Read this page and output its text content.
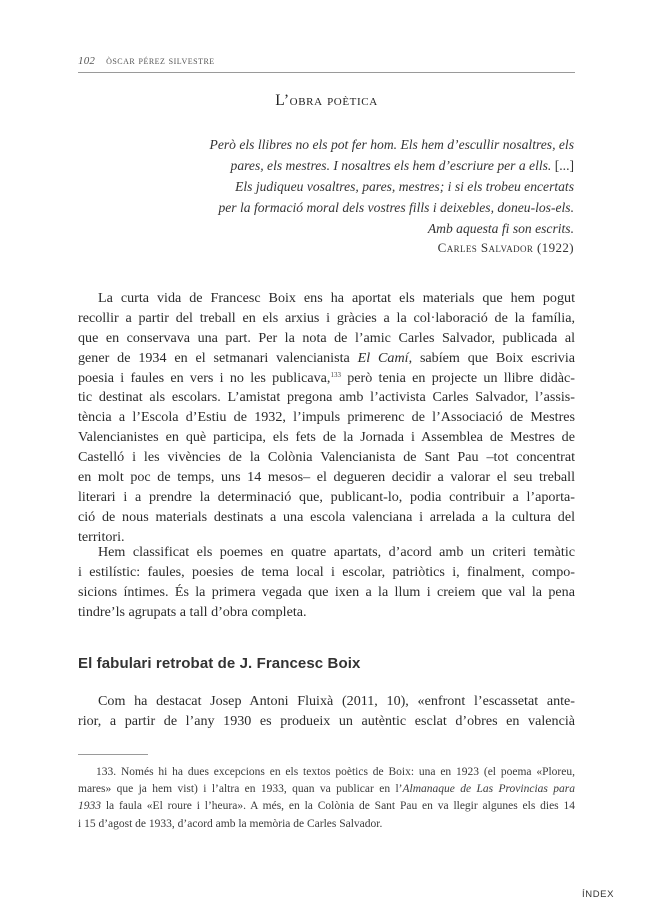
102 òscar pérez silvestre
L’obra poètica
Però els llibres no els pot fer hom. Els hem d’escullir nosaltres, els
pares, els mestres. I nosaltres els hem d’escriure per a ells. [...]
Els judiqueu vosaltres, pares, mestres; i si els trobeu encertats
per la formació moral dels vostres fills i deixebles, doneu-los-els.
Amb aquesta fi son escrits.
Carles Salvador (1922)
La curta vida de Francesc Boix ens ha aportat els materials que hem pogut
recollir a partir del treball en els arxius i gràcies a la col·laboració de la família,
que en conservava una part. Per la nota de l’amic Carles Salvador, publicada al
gener de 1934 en el setmanari valencianista El Camí, sabíem que Boix escrivia
poesia i faules en vers i no les publicava,$^{133}$ però tenia en projecte un llibre didàc-
tic destinat als escolars. L’amistat pregona amb l’activista Carles Salvador, l’assis-
tència a l’Escola d’Estiu de 1932, l’impuls primerenc de l’Associació de Mestres
Valencianistes en què participa, els fets de la Jornada i Assemblea de Mestres de
Castelló i les vivències de la Colònia Valencianista de Sant Pau –tot concentrat
en molt poc de temps, uns 14 mesos– el degueren decidir a valorar el seu treball
literari i a prendre la determinació que, publicant-lo, podia contribuir a l’aporta-
ció de nous materials destinats a una escola valenciana i arrelada a la cultura del
territori.
Hem classificat els poemes en quatre apartats, d’acord amb un criteri temàtic
i estilístic: faules, poesies de tema local i escolar, patriòtics i, finalment, compo-
sicions íntimes. És la primera vegada que ixen a la llum i creiem que val la pena
tindre’ls agrupats a tall d’obra completa.
El fabulari retrobat de J. Francesc Boix
Com ha destacat Josep Antoni Fluixà (2011, 10), «enfront l’escassetat ante-
rior, a partir de l’any 1930 es produeix un autèntic esclat d’obres en valencià
133. Només hi ha dues excepcions en els textos poètics de Boix: una en 1923 (el poema «Ploreu,
mares» que ja hem vist) i l’altra en 1933, quan va publicar en l’Almanaque de Las Provincias para
1933 la faula «El roure i l’heura». A més, en la Colònia de Sant Pau en va llegir algunes els dies 14
i 15 d’agost de 1933, d’acord amb la memòria de Carles Salvador.
ÍNDEX
